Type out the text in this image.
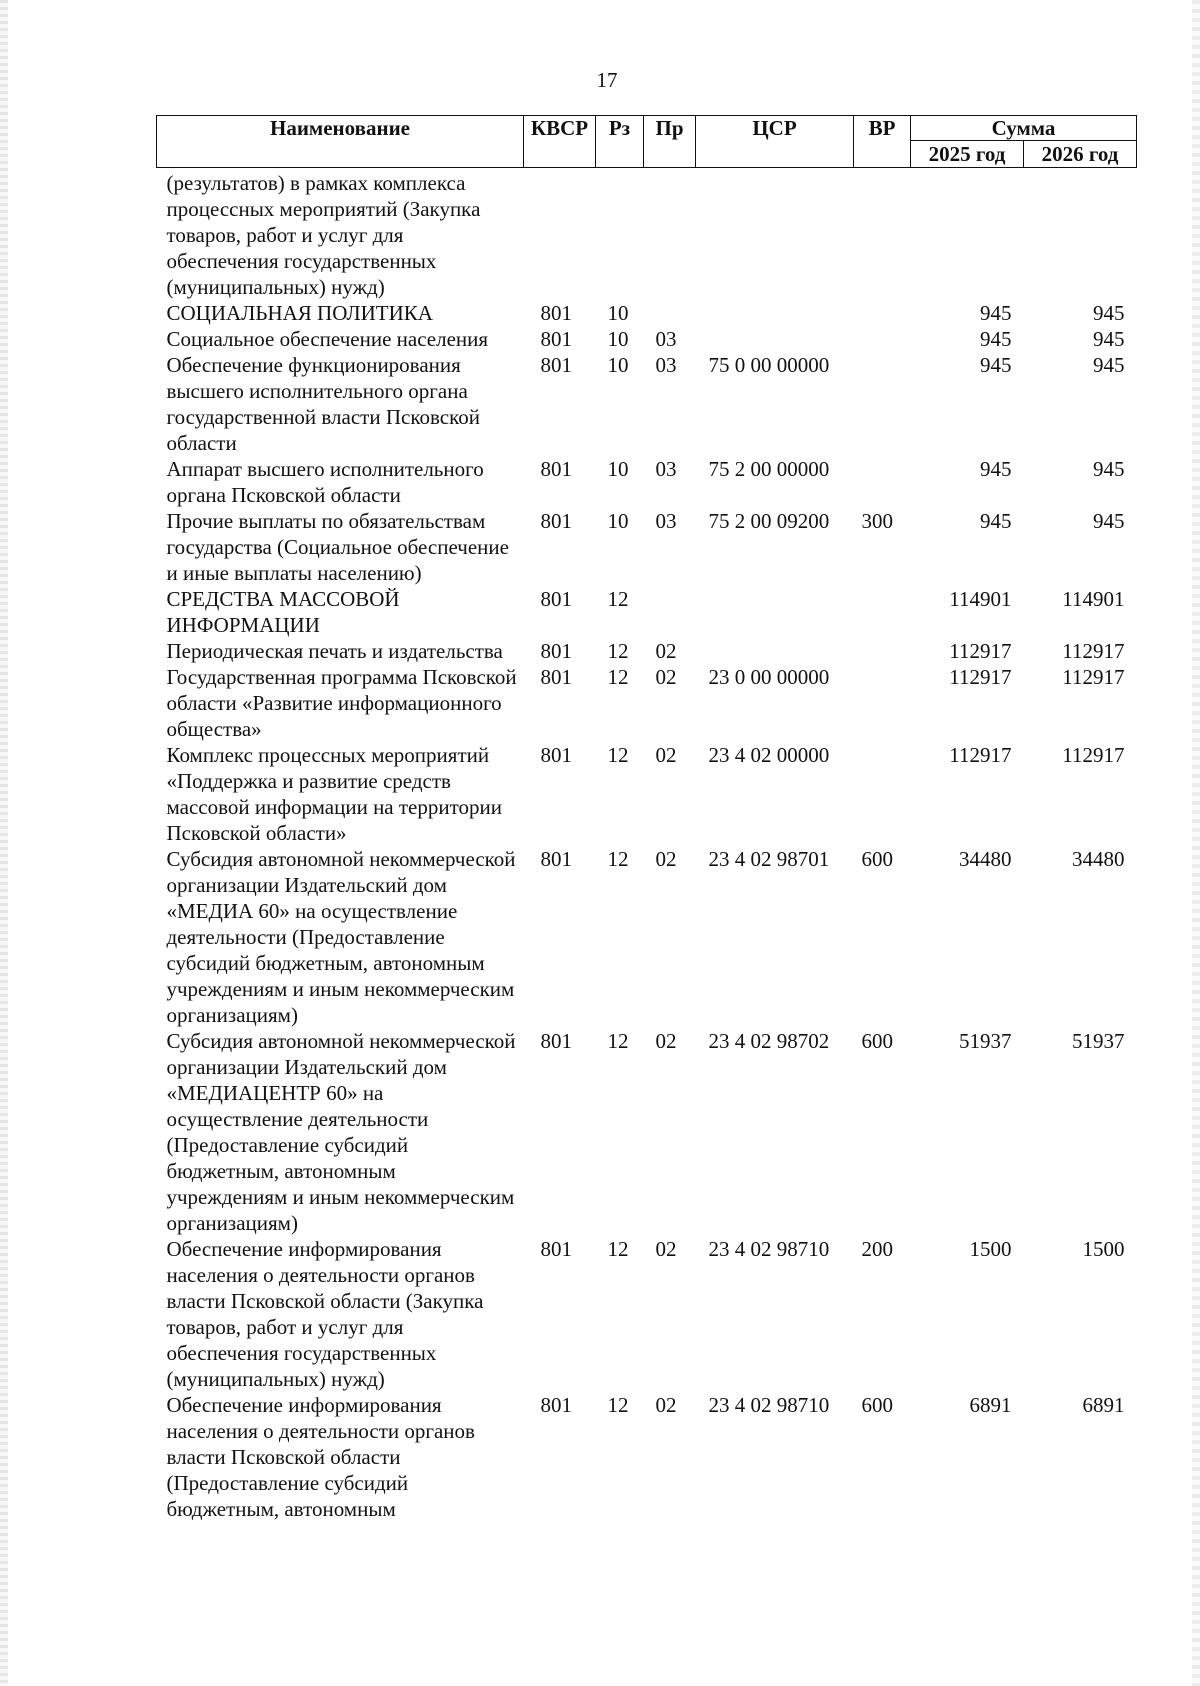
17
Наименование	КВСР	Рз	Пр	ЦСР	ВР	Сумма	
						2025 год	2026 год
(результатов) в рамках комплекса процессных мероприятий (Закупка товаров, работ и услуг для обеспечения государственных (муниципальных) нужд)							
СОЦИАЛЬНАЯ ПОЛИТИКА	801	10				945	945
Социальное обеспечение населения	801	10	03			945	945
Обеспечение функционирования высшего исполнительного органа государственной власти Псковской области	801	10	03	75 0 00 00000		945	945
Аппарат высшего исполнительного органа Псковской области	801	10	03	75 2 00 00000		945	945
Прочие выплаты по обязательствам государства (Социальное обеспечение и иные выплаты населению)	801	10	03	75 2 00 09200	300	945	945
СРЕДСТВА МАССОВОЙ ИНФОРМАЦИИ	801	12				114901	114901
Периодическая печать и издательства	801	12	02			112917	112917
Государственная программа Псковской области «Развитие информационного общества»	801	12	02	23 0 00 00000		112917	112917
Комплекс процессных мероприятий «Поддержка и развитие средств массовой информации на территории Псковской области»	801	12	02	23 4 02 00000		112917	112917
Субсидия автономной некоммерческой организации Издательский дом «МЕДИА 60» на осуществление деятельности (Предоставление субсидий бюджетным, автономным учреждениям и иным некоммерческим организациям)	801	12	02	23 4 02 98701	600	34480	34480
Субсидия автономной некоммерческой организации Издательский дом «МЕДИАЦЕНТР 60» на осуществление деятельности (Предоставление субсидий бюджетным, автономным учреждениям и иным некоммерческим организациям)	801	12	02	23 4 02 98702	600	51937	51937
Обеспечение информирования населения о деятельности органов власти Псковской области (Закупка товаров, работ и услуг для обеспечения государственных (муниципальных) нужд)	801	12	02	23 4 02 98710	200	1500	1500
Обеспечение информирования населения о деятельности органов власти Псковской области (Предоставление субсидий бюджетным, автономным	801	12	02	23 4 02 98710	600	6891	6891
